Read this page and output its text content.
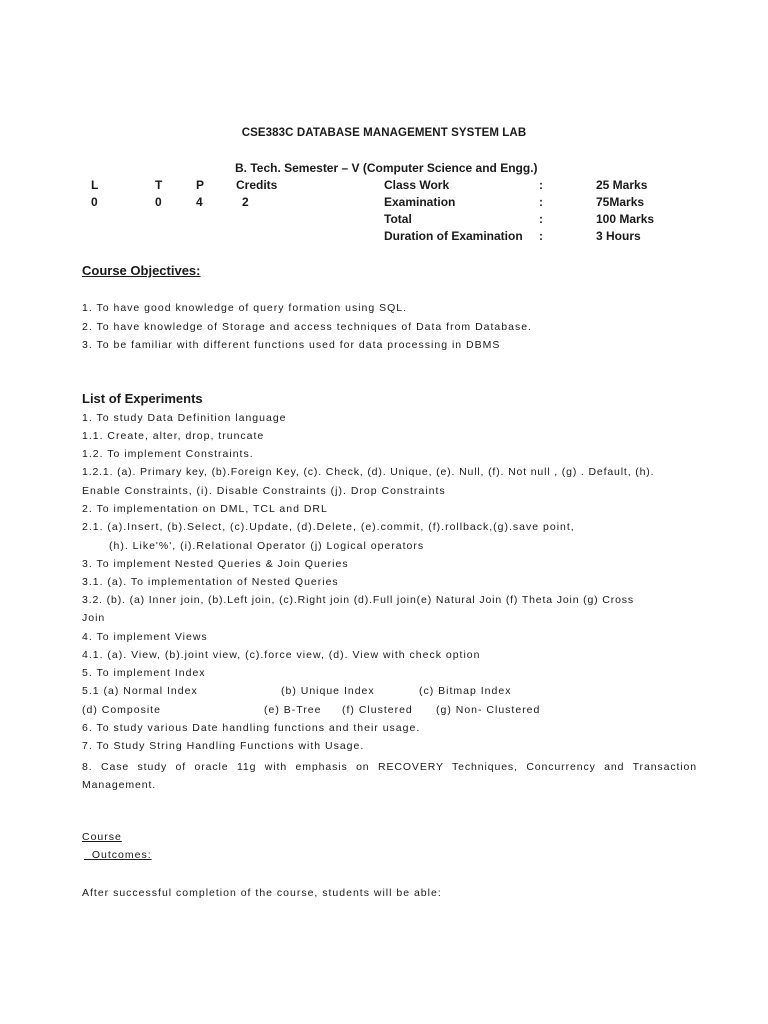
CSE383C DATABASE MANAGEMENT SYSTEM LAB
B. Tech. Semester – V (Computer Science and Engg.)
L	T	P	Credits
0	0	4	2
Class Work	:	25 Marks
Examination	:	75Marks
Total	:	100 Marks
Duration of Examination :	3 Hours
Course Objectives:
1. To have good knowledge of query formation using SQL.
2. To have knowledge of Storage and access techniques of Data from Database.
3. To be familiar with different functions used for data processing in DBMS
List of Experiments
1. To study Data Definition language
1.1. Create, alter, drop, truncate
1.2. To implement Constraints.
1.2.1. (a). Primary key, (b).Foreign Key, (c). Check, (d). Unique, (e). Null, (f). Not null , (g) . Default, (h).
Enable Constraints, (i). Disable Constraints (j). Drop Constraints
2. To implementation on DML, TCL and DRL
2.1. (a).Insert, (b).Select, (c).Update, (d).Delete, (e).commit, (f).rollback,(g).save point,
(h). Like'%', (i).Relational Operator (j) Logical operators
3. To implement Nested Queries & Join Queries
3.1. (a). To implementation of Nested Queries
3.2. (b). (a) Inner join, (b).Left join, (c).Right join (d).Full join(e) Natural Join (f) Theta Join (g) Cross
Join
4. To implement Views
4.1. (a). View, (b).joint view, (c).force view, (d). View with check option
5. To implement Index
5.1 (a) Normal Index	(b) Unique Index	(c) Bitmap Index
(d) Composite	(e) B-Tree (f) Clustered (g) Non- Clustered
6. To study various Date handling functions and their usage.
7. To Study String Handling Functions with Usage.
8. Case study of oracle 11g with emphasis on RECOVERY Techniques, Concurrency and Transaction Management.
Course
Outcomes:
After successful completion of the course, students will be able:
